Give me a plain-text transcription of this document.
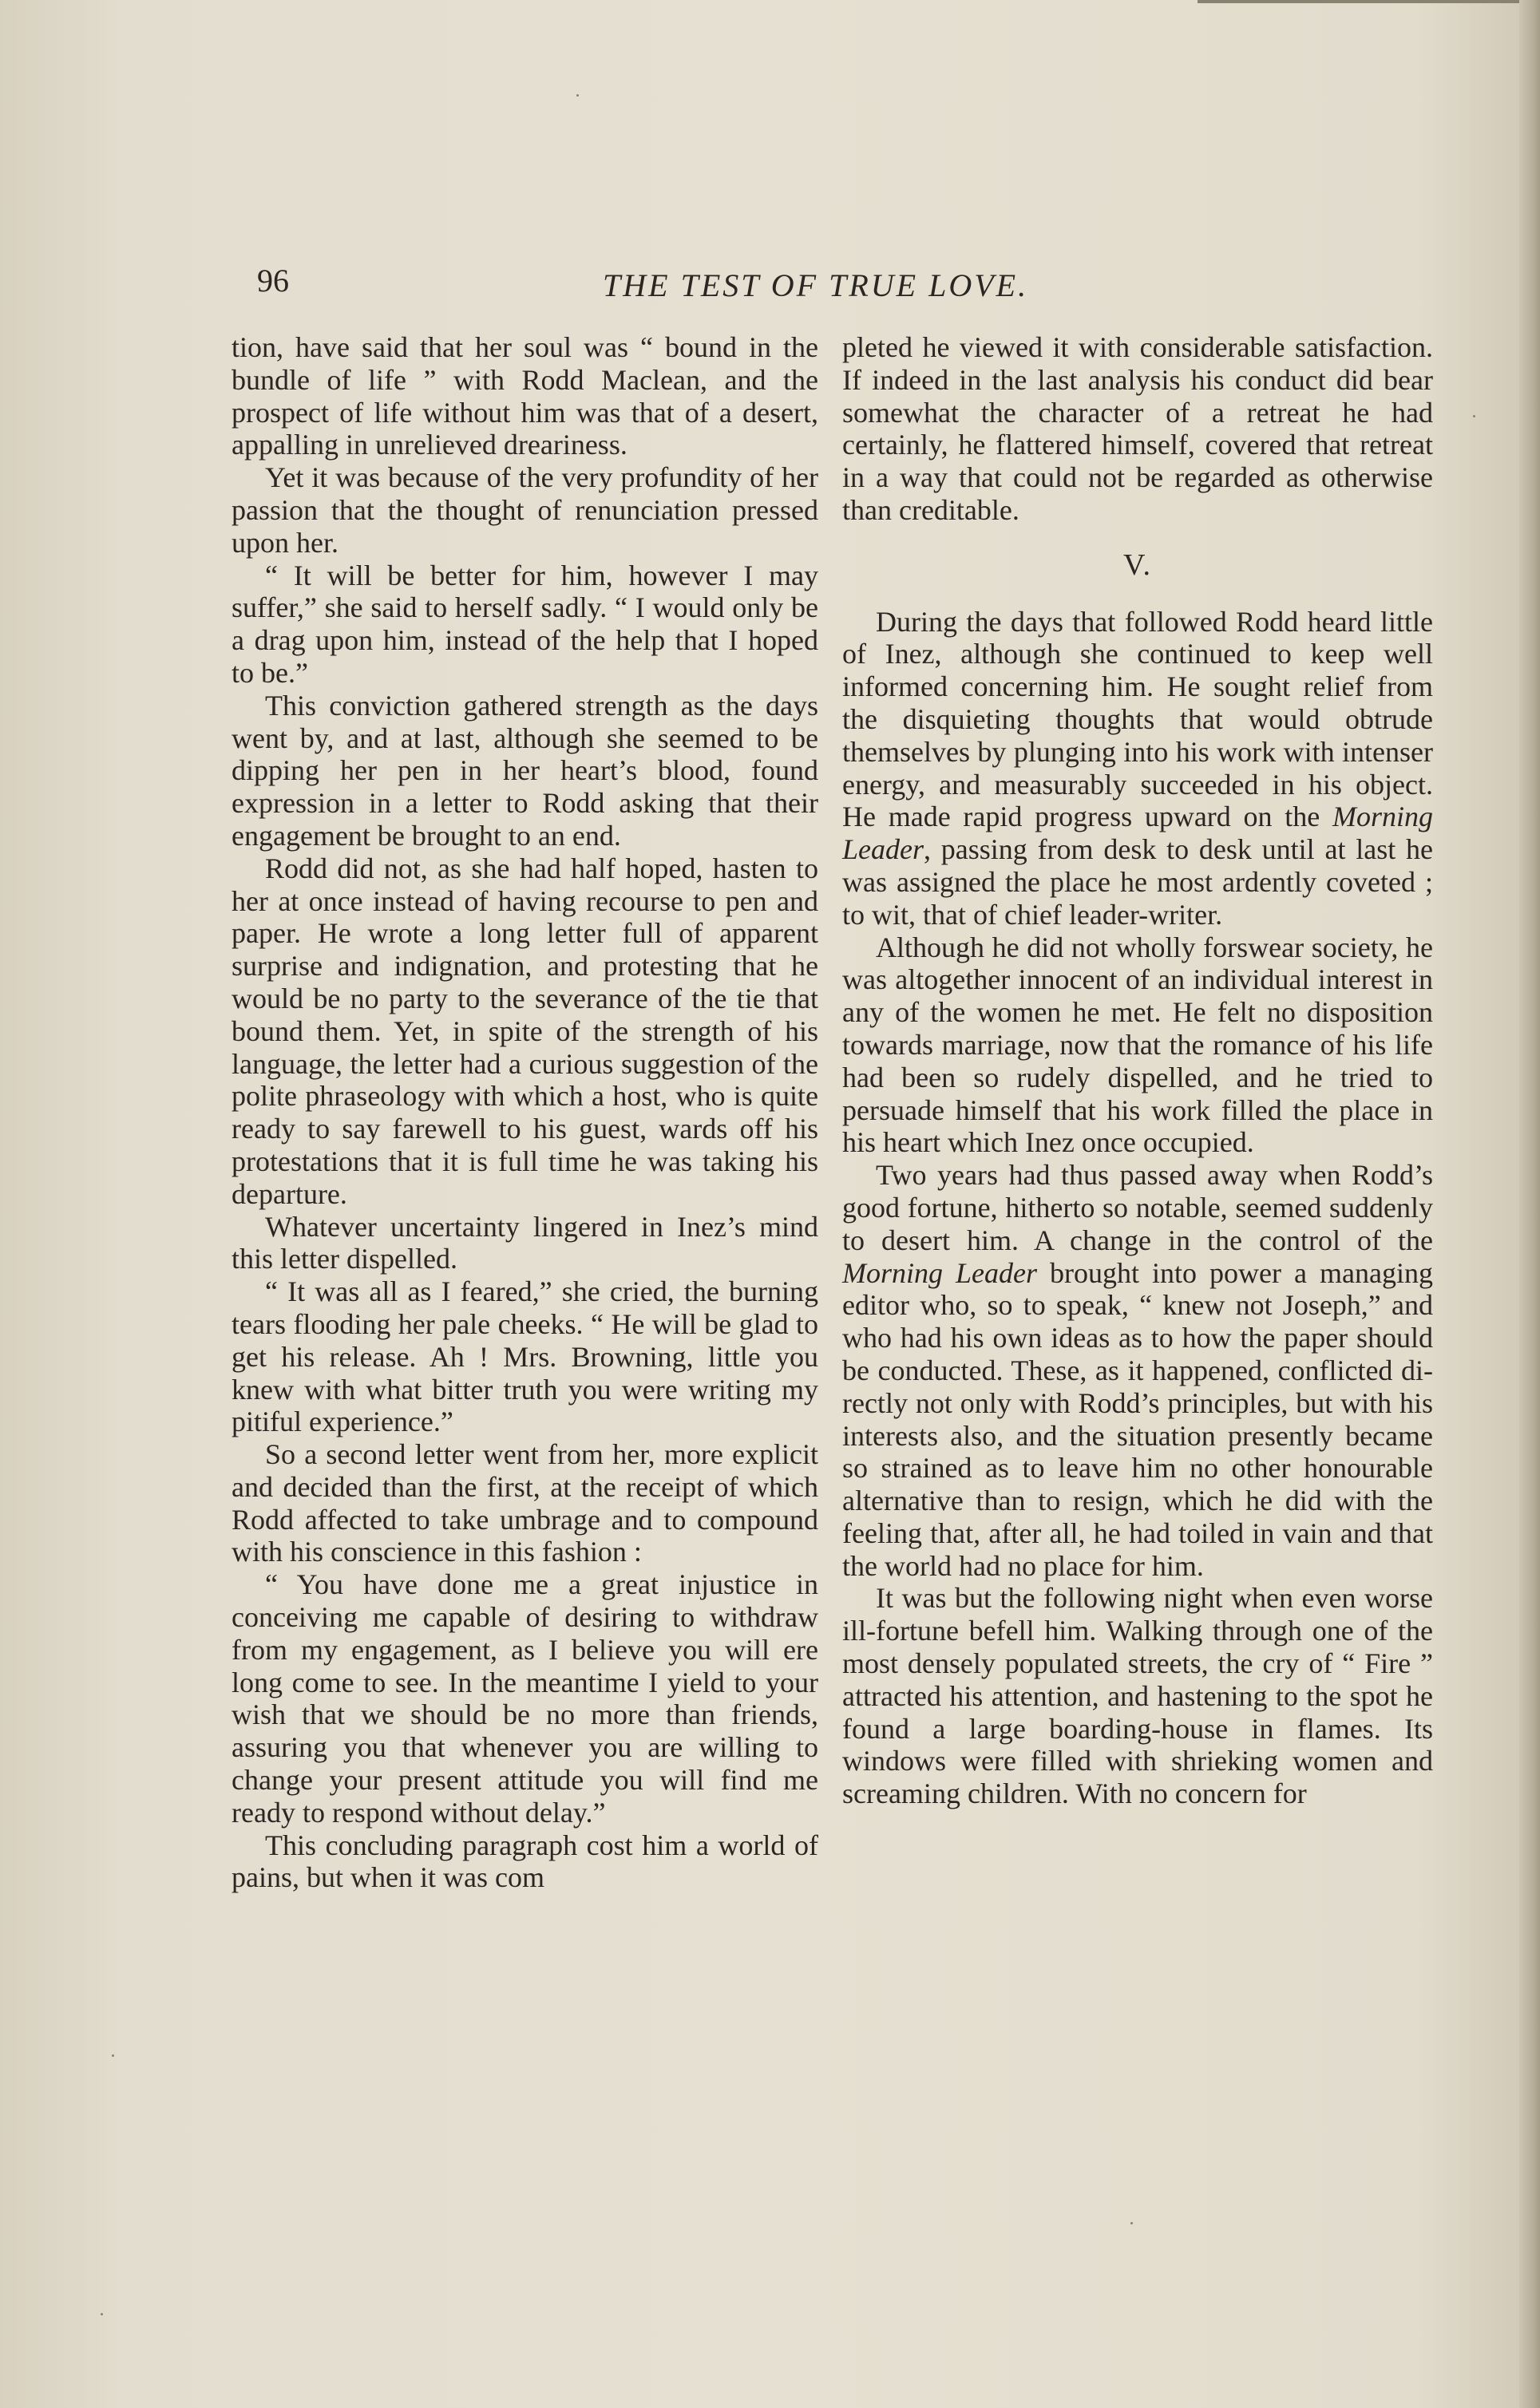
96	THE TEST OF TRUE LOVE.

tion, have said that her soul was “ bound in the bundle of life ” with Rodd Maclean, and the prospect of life without him was that of a desert, appalling in unrelieved dreariness.

Yet it was because of the very profundity of her passion that the thought of renunciation pressed upon her.

“ It will be better for him, however I may suffer,” she said to herself sadly. “ I would only be a drag upon him, instead of the help that I hoped to be.”

This conviction gathered strength as the days went by, and at last, although she seemed to be dipping her pen in her heart’s blood, found expression in a letter to Rodd asking that their engagement be brought to an end.

Rodd did not, as she had half hoped, hasten to her at once instead of having recourse to pen and paper. He wrote a long letter full of apparent surprise and indignation, and protesting that he would be no party to the severance of the tie that bound them. Yet, in spite of the strength of his language, the letter had a curious suggestion of the polite phraseology with which a host, who is quite ready to say farewell to his guest, wards off his protestations that it is full time he was taking his departure.

Whatever uncertainty lingered in Inez’s mind this letter dispelled.

“ It was all as I feared,” she cried, the burning tears flooding her pale cheeks. “ He will be glad to get his release. Ah ! Mrs. Browning, little you knew with what bitter truth you were writing my pitiful experience.”

So a second letter went from her, more explicit and decided than the first, at the receipt of which Rodd affected to take umbrage and to compound with his conscience in this fashion :

“ You have done me a great injustice in conceiving me capable of desiring to withdraw from my engagement, as I believe you will ere long come to see. In the meantime I yield to your wish that we should be no more than friends, assuring you that whenever you are willing to change your present attitude you will find me ready to respond without delay.”

This concluding paragraph cost him a world of pains, but when it was com

pleted he viewed it with considerable satisfaction. If indeed in the last analysis his conduct did bear somewhat the character of a retreat he had certainly, he flattered himself, covered that retreat in a way that could not be regarded as otherwise than creditable.

V.

During the days that followed Rodd heard little of Inez, although she continued to keep well informed concerning him. He sought relief from the disquieting thoughts that would obtrude themselves by plunging into his work with intenser energy, and measurably succeeded in his object. He made rapid progress upward on the Morning Leader, passing from desk to desk until at last he was assigned the place he most ardently coveted ; to wit, that of chief leader-writer.

Although he did not wholly forswear society, he was altogether innocent of an individual interest in any of the women he met. He felt no disposition towards marriage, now that the romance of his life had been so rudely dispelled, and he tried to persuade himself that his work filled the place in his heart which Inez once occupied.

Two years had thus passed away when Rodd’s good fortune, hitherto so notable, seemed suddenly to desert him. A change in the control of the Morning Leader brought into power a managing editor who, so to speak, “ knew not Joseph,” and who had his own ideas as to how the paper should be conducted. These, as it happened, conflicted directly not only with Rodd’s principles, but with his interests also, and the situation presently became so strained as to leave him no other honourable alternative than to resign, which he did with the feeling that, after all, he had toiled in vain and that the world had no place for him.

It was but the following night when even worse ill-fortune befell him. Walking through one of the most densely populated streets, the cry of “ Fire ” attracted his attention, and hastening to the spot he found a large boarding-house in flames. Its windows were filled with shrieking women and screaming children. With no concern for
